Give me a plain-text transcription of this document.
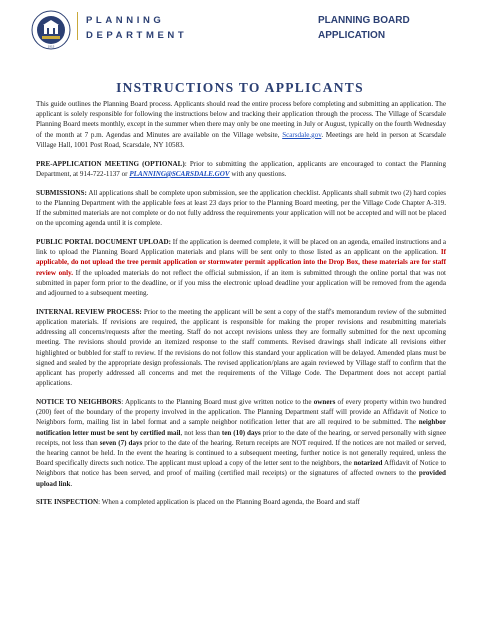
1915
PLANNING
DEPARTMENT
PLANNING BOARD
APPLICATION
INSTRUCTIONS TO APPLICANTS

This guide outlines the Planning Board process. Applicants should read the entire process before completing and submitting an application. The applicant is solely responsible for following the instructions below and tracking their application through the process. The Village of Scarsdale Planning Board meets monthly, except in the summer when there may only be one meeting in July or August, typically on the fourth Wednesday of the month at 7 p.m. Agendas and Minutes are available on the Village website, Scarsdale.gov. Meetings are held in person at Scarsdale Village Hall, 1001 Post Road, Scarsdale, NY 10583.

PRE-APPLICATION MEETING (OPTIONAL): Prior to submitting the application, applicants are encouraged to contact the Planning Department, at 914-722-1137 or PLANNING@SCARSDALE.GOV with any questions.

SUBMISSIONS: All applications shall be complete upon submission, see the application checklist. Applicants shall submit two (2) hard copies to the Planning Department with the applicable fees at least 23 days prior to the Planning Board meeting, per the Village Code Chapter A-319. If the submitted materials are not complete or do not fully address the requirements your application will not be accepted and will not be placed on the upcoming agenda until it is complete.

PUBLIC PORTAL DOCUMENT UPLOAD: If the application is deemed complete, it will be placed on an agenda, emailed instructions and a link to upload the Planning Board Application materials and plans will be sent only to those listed as an applicant on the application. If applicable, do not upload the tree permit application or stormwater permit application into the Drop Box, these materials are for staff review only. If the uploaded materials do not reflect the official submission, if an item is submitted through the online portal that was not submitted in paper form prior to the deadline, or if you miss the electronic upload deadline your application will be removed from the agenda and adjourned to a subsequent meeting.

INTERNAL REVIEW PROCESS: Prior to the meeting the applicant will be sent a copy of the staff's memorandum review of the submitted application materials. If revisions are required, the applicant is responsible for making the proper revisions and resubmitting materials addressing all concerns/requests after the meeting. Staff do not accept revisions unless they are formally submitted for the next upcoming meeting. The revisions should provide an itemized response to the staff comments. Revised drawings shall indicate all revisions either highlighted or bubbled for staff to review. If the revisions do not follow this standard your application will be delayed. Amended plans must be signed and sealed by the appropriate design professionals. The revised application/plans are again reviewed by Village staff to confirm that the applicant has properly addressed all concerns and met the requirements of the Village Code. The Department does not accept partial applications.

NOTICE TO NEIGHBORS: Applicants to the Planning Board must give written notice to the owners of every property within two hundred (200) feet of the boundary of the property involved in the application. The Planning Department staff will provide an Affidavit of Notice to Neighbors form, mailing list in label format and a sample neighbor notification letter that are all required to be submitted. The neighbor notification letter must be sent by certified mail, not less than ten (10) days prior to the date of the hearing, or served personally with signee receipts, not less than seven (7) days prior to the date of the hearing. Return receipts are NOT required. If the notices are not mailed or served, the hearing cannot be held. In the event the hearing is continued to a subsequent meeting, further notice is not generally required, unless the Board specifically directs such notice. The applicant must upload a copy of the letter sent to the neighbors, the notarized Affidavit of Notice to Neighbors that notice has been served, and proof of mailing (certified mail receipts) or the signatures of affected owners to the provided upload link.

SITE INSPECTION: When a completed application is placed on the Planning Board agenda, the Board and staff
